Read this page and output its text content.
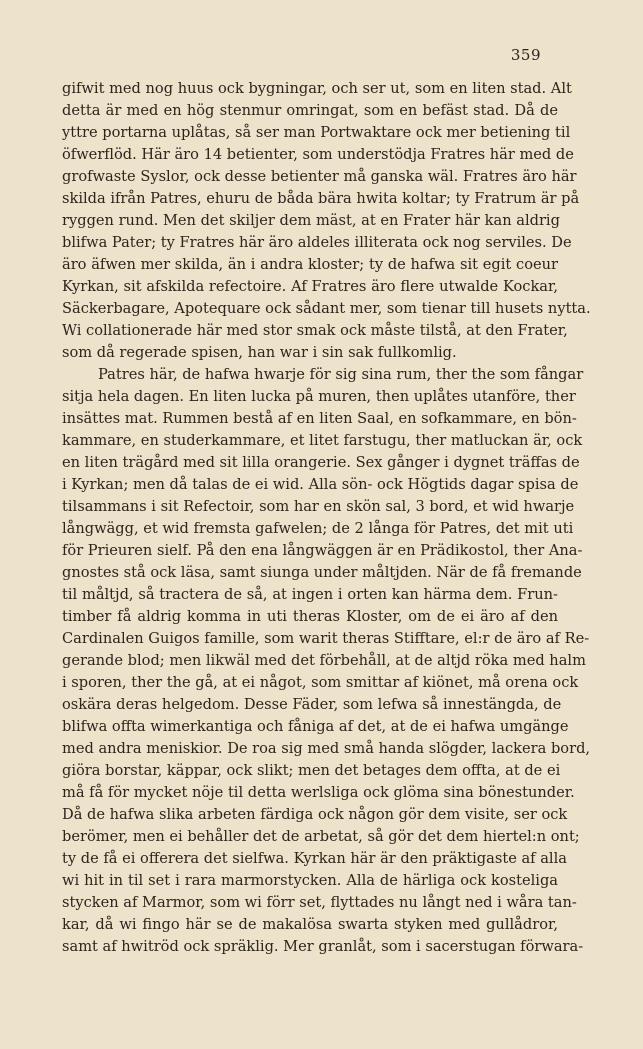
359
gifwit med nog huus ock bygningar, och ser ut, som en liten stad. Alt
detta är med en hög stenmur omringat, som en befäst stad. Då de
yttre portarna uplåtas, så ser man Portwaktare ock mer betiening til
öfwerflöd. Här äro 14 betienter, som understödja Fratres här med de
grofwaste Syslor, ock desse betienter må ganska wäl. Fratres äro här
skilda ifrån Patres, ehuru de båda bära hwita koltar; ty Fratrum är på
ryggen rund. Men det skiljer dem mäst, at en Frater här kan aldrig
blifwa Pater; ty Fratres här äro aldeles illiterata ock nog serviles. De
äro äfwen mer skilda, än i andra kloster; ty de hafwa sit egit coeur
Kyrkan, sit afskilda refectoire. Af Fratres äro flere utwalde Kockar,
Säckerbagare, Apotequare ock sådant mer, som tienar till husets nytta.
Wi collationerade här med stor smak ock måste tilstå, at den Frater,
som då regerade spisen, han war i sin sak fullkomlig.
Patres här, de hafwa hwarje för sig sina rum, ther the som fångar
sitja hela dagen. En liten lucka på muren, then uplåtes utanföre, ther
insättes mat. Rummen bestå af en liten Saal, en sofkammare, en bön-
kammare, en studerkammare, et litet farstugu, ther matluckan är, ock
en liten trägård med sit lilla orangerie. Sex gånger i dygnet träffas de
i Kyrkan; men då talas de ei wid. Alla sön- ock Högtids dagar spisa de
tilsammans i sit Refectoir, som har en skön sal, 3 bord, et wid hwarje
långwägg, et wid fremsta gafwelen; de 2 långa för Patres, det mit uti
för Prieuren sielf. På den ena långwäggen är en Prädikostol, ther Ana-
gnostes stå ock läsa, samt siunga under måltjden. När de få fremande
til måltjd, så tractera de så, at ingen i orten kan härma dem. Frun-
timber få aldrig komma in uti theras Kloster, om de ei äro af den
Cardinalen Guigos famille, som warit theras Stifftare, el:r de äro af Re-
gerande blod; men likwäl med det förbehåll, at de altjd röka med halm
i sporen, ther the gå, at ei något, som smittar af kiönet, må orena ock
oskära deras helgedom. Desse Fäder, som lefwa så innestängda, de
blifwa offta wimerkantiga och fåniga af det, at de ei hafwa umgänge
med andra meniskior. De roa sig med små handa slögder, lackera bord,
giöra borstar, käppar, ock slikt; men det betages dem offta, at de ei
må få för mycket nöje til detta werlsliga ock glöma sina bönestunder.
Då de hafwa slika arbeten färdiga ock någon gör dem visite, ser ock
berömer, men ei behåller det de arbetat, så gör det dem hiertel:n ont;
ty de få ei offerera det sielfwa. Kyrkan här är den präktigaste af alla
wi hit in til set i rara marmorstycken. Alla de härliga ock kosteliga
stycken af Marmor, som wi förr set, flyttades nu långt ned i wåra tan-
kar, då wi fingo här se de makalösa swarta styken med gullådror,
samt af hwitröd ock spräklig. Mer granlåt, som i sacerstugan förwara-
